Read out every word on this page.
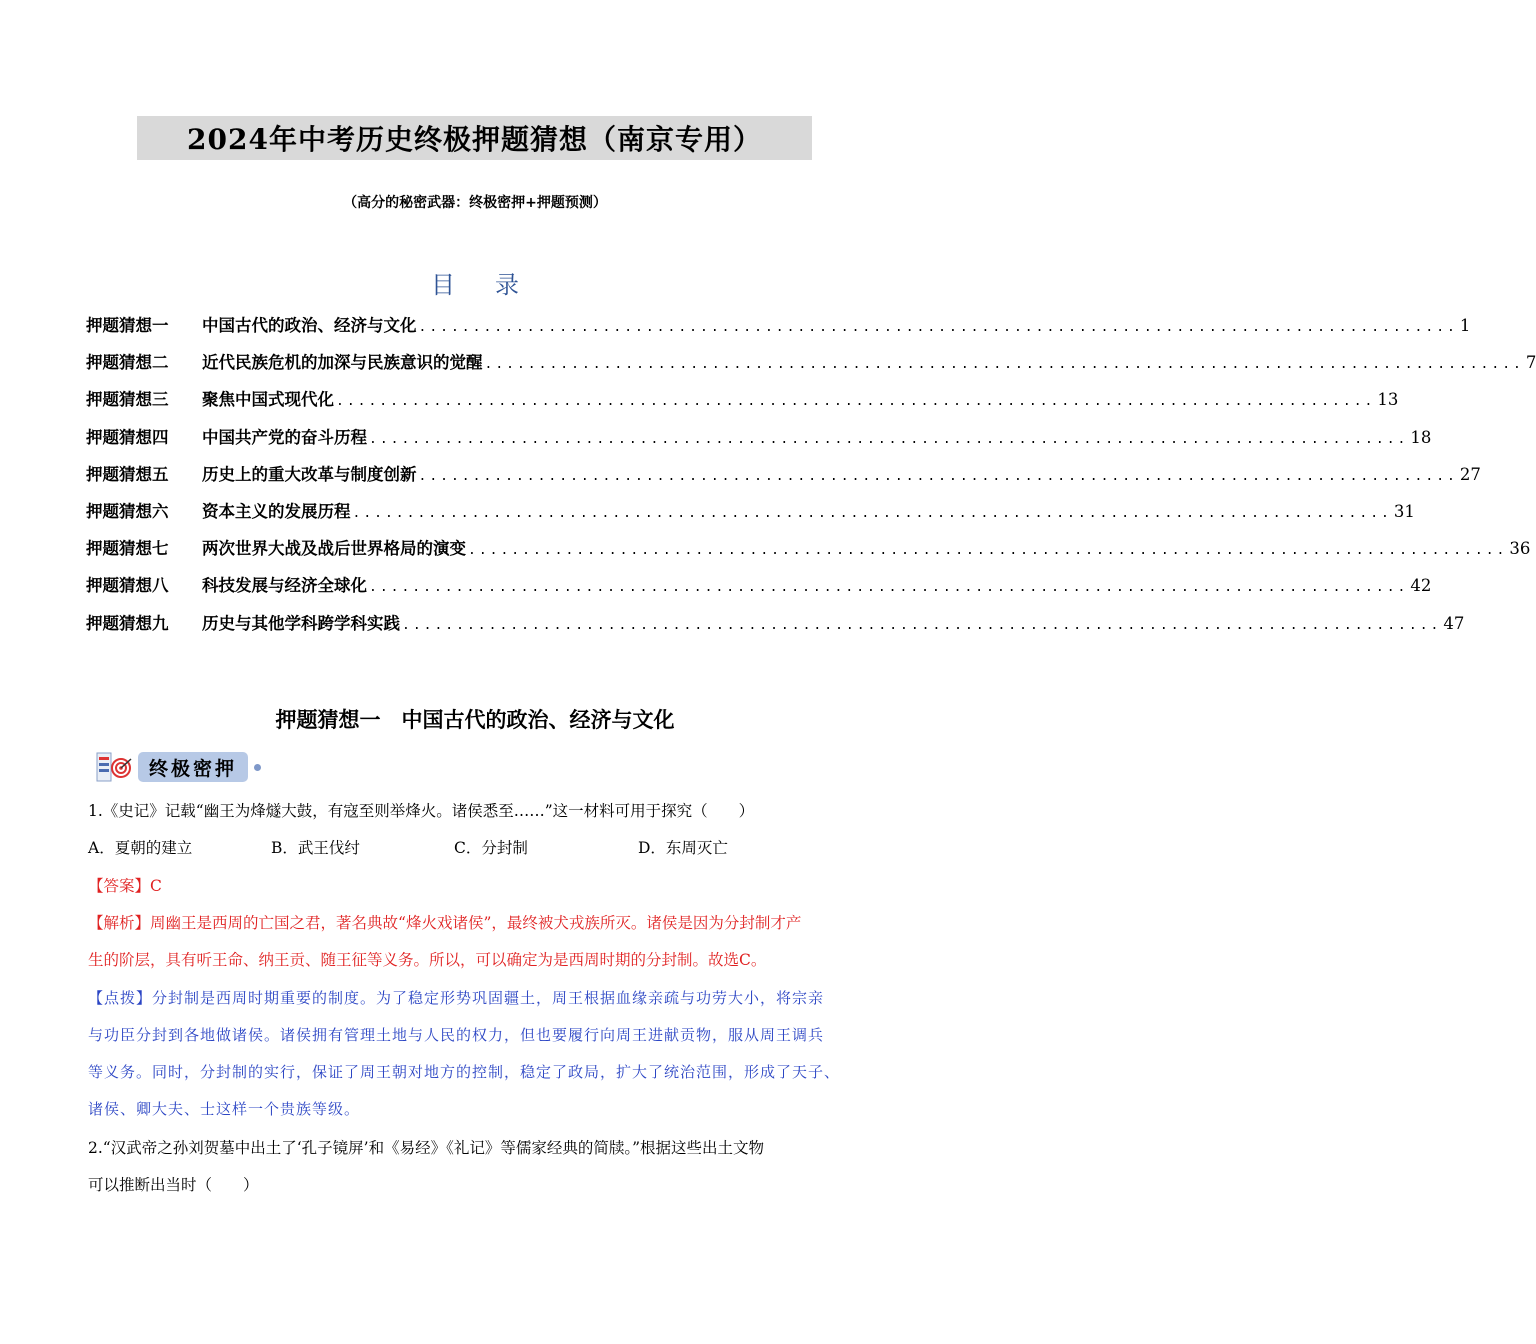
2024年中考历史终极押题猜想（南京专用）
（高分的秘密武器：终极密押+押题预测）
目录
押题猜想一	中国古代的政治、经济与文化 ................................................................................................ 1
押题猜想二	近代民族危机的加深与民族意识的觉醒 ................................................................................................ 7
押题猜想三	聚焦中国式现代化 ................................................................................................ 13
押题猜想四	中国共产党的奋斗历程 ................................................................................................ 18
押题猜想五	历史上的重大改革与制度创新 ................................................................................................ 27
押题猜想六	资本主义的发展历程 ................................................................................................ 31
押题猜想七	两次世界大战及战后世界格局的演变 ................................................................................................ 36
押题猜想八	科技发展与经济全球化 ................................................................................................ 42
押题猜想九	历史与其他学科跨学科实践 ................................................................................................ 47
押题猜想一　中国古代的政治、经济与文化
终极密押
1.《史记》记载“幽王为烽燧大鼓，有寇至则举烽火。诸侯悉至……”这一材料可用于探究（　　）
A．夏朝的建立	B．武王伐纣	C．分封制	D．东周灭亡
【答案】C
【解析】周幽王是西周的亡国之君，著名典故“烽火戏诸侯”，最终被犬戎族所灭。诸侯是因为分封制才产
生的阶层，具有听王命、纳王贡、随王征等义务。所以，可以确定为是西周时期的分封制。故选C。
【点拨】分封制是西周时期重要的制度。为了稳定形势巩固疆土，周王根据血缘亲疏与功劳大小，将宗亲
与功臣分封到各地做诸侯。诸侯拥有管理土地与人民的权力，但也要履行向周王进献贡物，服从周王调兵
等义务。同时，分封制的实行，保证了周王朝对地方的控制，稳定了政局，扩大了统治范围，形成了天子、
诸侯、卿大夫、士这样一个贵族等级。
2.“汉武帝之孙刘贺墓中出土了‘孔子镜屏’和《易经》《礼记》等儒家经典的简牍。”根据这些出土文物
可以推断出当时（　　）
